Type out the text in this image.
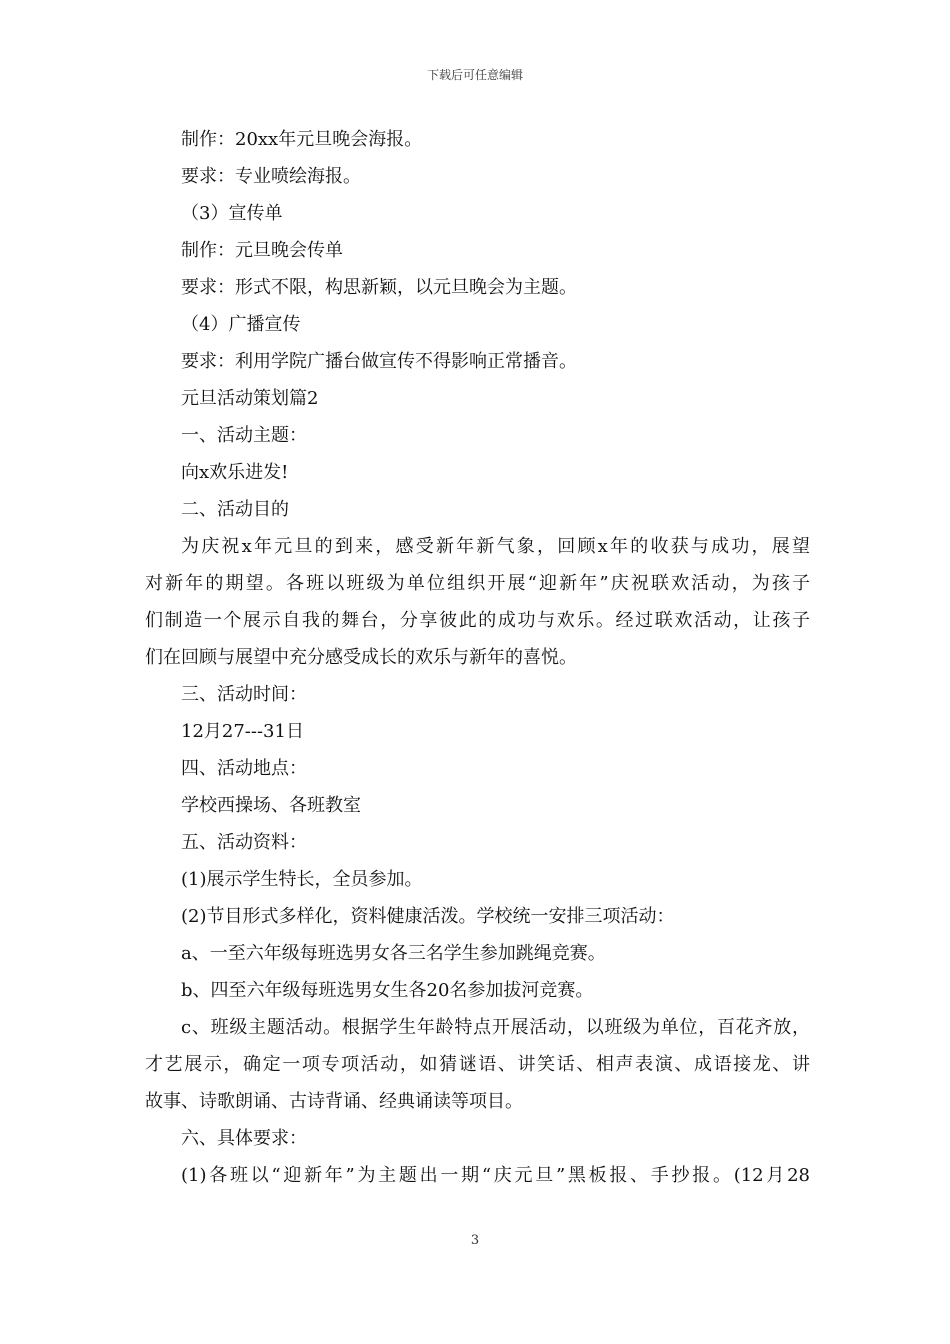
下载后可任意编辑
制作：20xx年元旦晚会海报。
要求：专业喷绘海报。
（3）宣传单
制作：元旦晚会传单
要求：形式不限，构思新颖，以元旦晚会为主题。
（4）广播宣传
要求：利用学院广播台做宣传不得影响正常播音。
元旦活动策划篇2
一、活动主题：
向x欢乐进发!
二、活动目的
为庆祝x年元旦的到来，感受新年新气象，回顾x年的收获与成功，展望
对新年的期望。各班以班级为单位组织开展“迎新年”庆祝联欢活动，为孩子
们制造一个展示自我的舞台，分享彼此的成功与欢乐。经过联欢活动，让孩子
们在回顾与展望中充分感受成长的欢乐与新年的喜悦。
三、活动时间：
12月27---31日
四、活动地点：
学校西操场、各班教室
五、活动资料：
(1)展示学生特长，全员参加。
(2)节目形式多样化，资料健康活泼。学校统一安排三项活动：
a、一至六年级每班选男女各三名学生参加跳绳竞赛。
b、四至六年级每班选男女生各20名参加拔河竞赛。
c、班级主题活动。根据学生年龄特点开展活动，以班级为单位，百花齐放，
才艺展示，确定一项专项活动，如猜谜语、讲笑话、相声表演、成语接龙、讲
故事、诗歌朗诵、古诗背诵、经典诵读等项目。
六、具体要求：
(1)各班以“迎新年”为主题出一期“庆元旦”黑板报、手抄报。(12月28
3
